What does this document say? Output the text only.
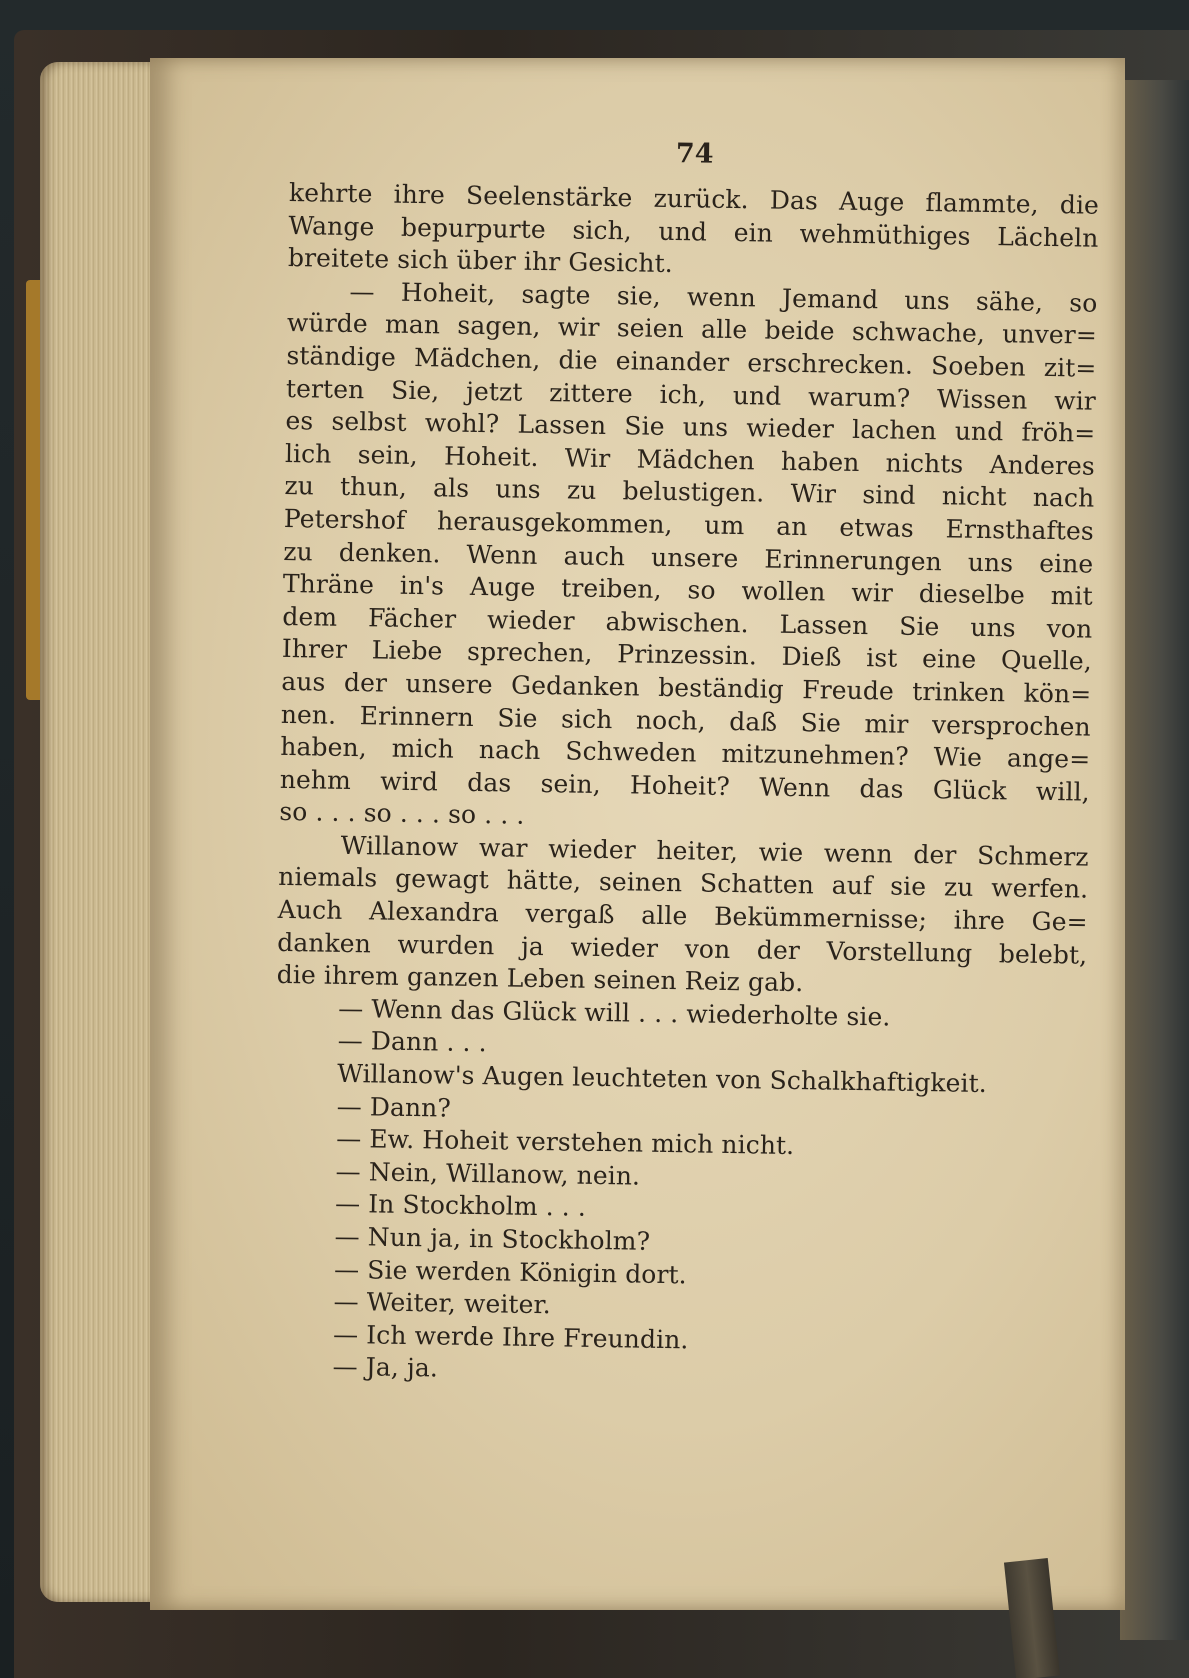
74
kehrte ihre Seelenstärke zurück. Das Auge flammte, die
Wange bepurpurte sich, und ein wehmüthiges Lächeln
breitete sich über ihr Gesicht.
— Hoheit, sagte sie, wenn Jemand uns sähe, so
würde man sagen, wir seien alle beide schwache, unver=
ständige Mädchen, die einander erschrecken. Soeben zit=
terten Sie, jetzt zittere ich, und warum? Wissen wir
es selbst wohl? Lassen Sie uns wieder lachen und fröh=
lich sein, Hoheit. Wir Mädchen haben nichts Anderes
zu thun, als uns zu belustigen. Wir sind nicht nach
Petershof herausgekommen, um an etwas Ernsthaftes
zu denken. Wenn auch unsere Erinnerungen uns eine
Thräne in's Auge treiben, so wollen wir dieselbe mit
dem Fächer wieder abwischen. Lassen Sie uns von
Ihrer Liebe sprechen, Prinzessin. Dieß ist eine Quelle,
aus der unsere Gedanken beständig Freude trinken kön=
nen. Erinnern Sie sich noch, daß Sie mir versprochen
haben, mich nach Schweden mitzunehmen? Wie ange=
nehm wird das sein, Hoheit? Wenn das Glück will,
so . . . so . . . so . . .
Willanow war wieder heiter, wie wenn der Schmerz
niemals gewagt hätte, seinen Schatten auf sie zu werfen.
Auch Alexandra vergaß alle Bekümmernisse; ihre Ge=
danken wurden ja wieder von der Vorstellung belebt,
die ihrem ganzen Leben seinen Reiz gab.
— Wenn das Glück will . . . wiederholte sie.
— Dann . . .
Willanow's Augen leuchteten von Schalkhaftigkeit.
— Dann?
— Ew. Hoheit verstehen mich nicht.
— Nein, Willanow, nein.
— In Stockholm . . .
— Nun ja, in Stockholm?
— Sie werden Königin dort.
— Weiter, weiter.
— Ich werde Ihre Freundin.
— Ja, ja.
